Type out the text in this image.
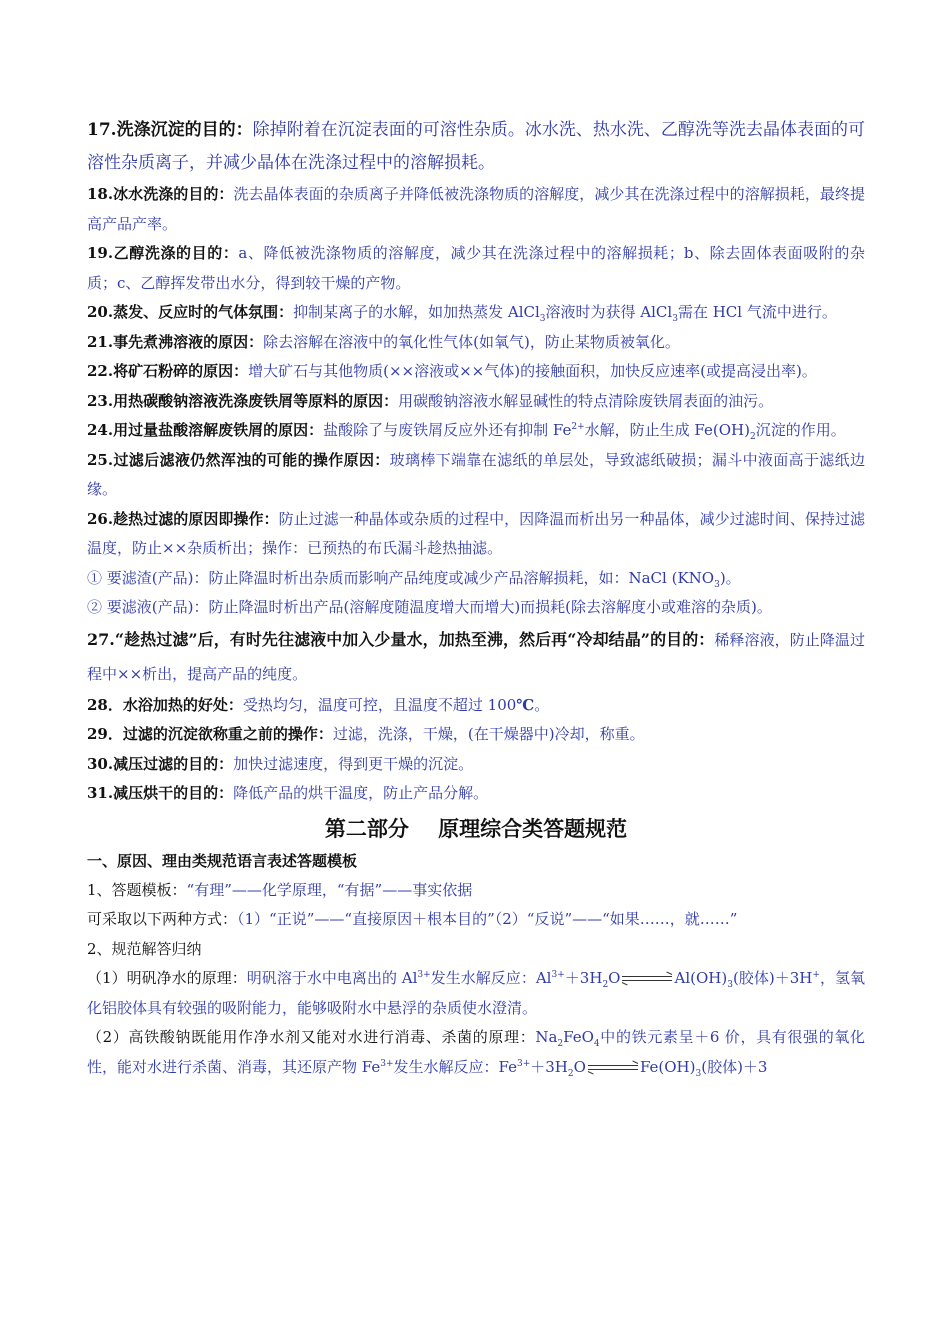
17.洗涤沉淀的目的：除掉附着在沉淀表面的可溶性杂质。冰水洗、热水洗、乙醇洗等洗去晶体表面的可溶性杂质离子，并减少晶体在洗涤过程中的溶解损耗。

18.冰水洗涤的目的：洗去晶体表面的杂质离子并降低被洗涤物质的溶解度，减少其在洗涤过程中的溶解损耗，最终提高产品产率。

19.乙醇洗涤的目的：a、降低被洗涤物质的溶解度，减少其在洗涤过程中的溶解损耗；b、除去固体表面吸附的杂质；c、乙醇挥发带出水分，得到较干燥的产物。

20.蒸发、反应时的气体氛围：抑制某离子的水解，如加热蒸发 AlCl$_3$溶液时为获得 AlCl$_3$需在 HCl 气流中进行。

21.事先煮沸溶液的原因：除去溶解在溶液中的氧化性气体(如氧气)，防止某物质被氧化。

22.将矿石粉碎的原因：增大矿石与其他物质(××溶液或××气体)的接触面积，加快反应速率(或提高浸出率)。

23.用热碳酸钠溶液洗涤废铁屑等原料的原因：用碳酸钠溶液水解显碱性的特点清除废铁屑表面的油污。

24.用过量盐酸溶解废铁屑的原因：盐酸除了与废铁屑反应外还有抑制 $Fe^{2+}$水解，防止生成 $Fe(OH)_2$沉淀的作用。

25.过滤后滤液仍然浑浊的可能的操作原因：玻璃棒下端靠在滤纸的单层处，导致滤纸破损；漏斗中液面高于滤纸边缘。

26.趁热过滤的原因即操作：防止过滤一种晶体或杂质的过程中，因降温而析出另一种晶体，减少过滤时间、保持过滤温度，防止××杂质析出；操作：已预热的布氏漏斗趁热抽滤。

① 要滤渣(产品)：防止降温时析出杂质而影响产品纯度或减少产品溶解损耗，如：NaCl $(KNO_3)$。

② 要滤液(产品)：防止降温时析出产品(溶解度随温度增大而增大)而损耗(除去溶解度小或难溶的杂质)。

27.“趁热过滤”后，有时先往滤液中加入少量水，加热至沸，然后再“冷却结晶”的目的：稀释溶液，防止降温过程中××析出，提高产品的纯度。

28．水浴加热的好处：受热均匀，温度可控，且温度不超过 100℃。

29．过滤的沉淀欲称重之前的操作：过滤，洗涤，干燥，(在干燥器中)冷却，称重。

30.减压过滤的目的：加快过滤速度，得到更干燥的沉淀。

31.减压烘干的目的：降低产品的烘干温度，防止产品分解。

第二部分    原理综合类答题规范

一、原因、理由类规范语言表述答题模板

1、答题模板：“有理”——化学原理，“有据”——事实依据

可采取以下两种方式：（1）“正说”——“直接原因＋根本目的”（2）“反说”——“如果……，就……”

2、规范解答归纳

（1）明矾净水的原理：明矾溶于水中电离出的 $Al^{3+}$发生水解反应：$Al^{3+}+3H_2O$	$Al(OH)_3$(胶体)＋3H+，氢氧化铝胶体具有较强的吸附能力，能够吸附水中悬浮的杂质使水澄清。

（2）高铁酸钠既能用作净水剂又能对水进行消毒、杀菌的原理：$Na_2FeO_4$中的铁元素呈＋6 价，具有很强的氧化性，能对水进行杀菌、消毒，其还原产物 $Fe^{3+}$发生水解反应：$Fe^{3+}+3H_2O$	$Fe(OH)_3$(胶体)＋3
